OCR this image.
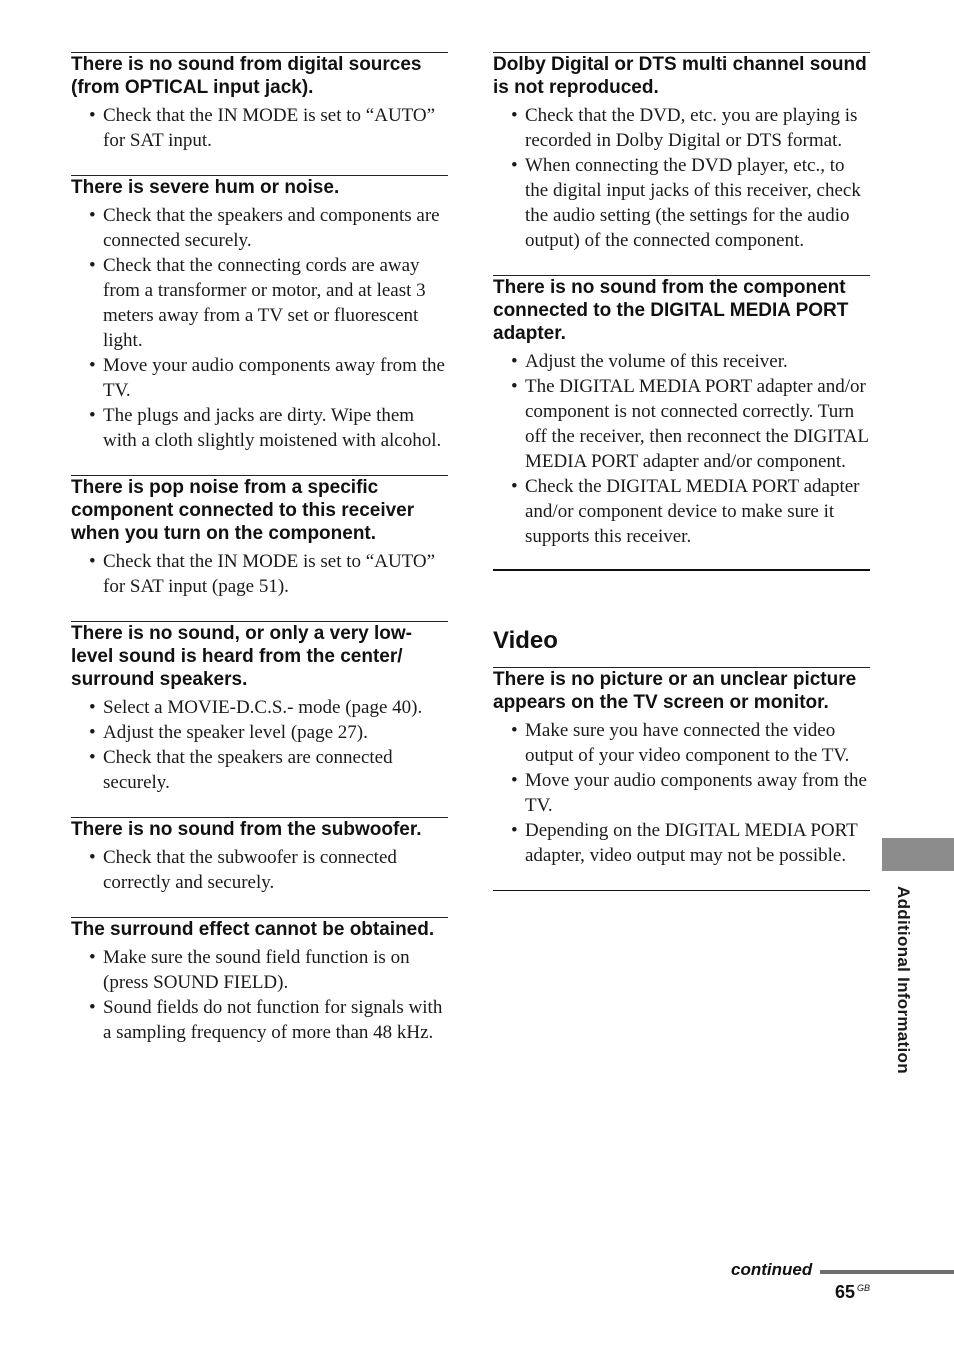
There is no sound from digital sources (from OPTICAL input jack).
• Check that the IN MODE is set to “AUTO” for SAT input.
There is severe hum or noise.
• Check that the speakers and components are connected securely.
• Check that the connecting cords are away from a transformer or motor, and at least 3 meters away from a TV set or fluorescent light.
• Move your audio components away from the TV.
• The plugs and jacks are dirty. Wipe them with a cloth slightly moistened with alcohol.
There is pop noise from a specific component connected to this receiver when you turn on the component.
• Check that the IN MODE is set to “AUTO” for SAT input (page 51).
There is no sound, or only a very low-level sound is heard from the center/ surround speakers.
• Select a MOVIE-D.C.S.- mode (page 40).
• Adjust the speaker level (page 27).
• Check that the speakers are connected securely.
There is no sound from the subwoofer.
• Check that the subwoofer is connected correctly and securely.
The surround effect cannot be obtained.
• Make sure the sound field function is on (press SOUND FIELD).
• Sound fields do not function for signals with a sampling frequency of more than 48 kHz.
Dolby Digital or DTS multi channel sound is not reproduced.
• Check that the DVD, etc. you are playing is recorded in Dolby Digital or DTS format.
• When connecting the DVD player, etc., to the digital input jacks of this receiver, check the audio setting (the settings for the audio output) of the connected component.
There is no sound from the component connected to the DIGITAL MEDIA PORT adapter.
• Adjust the volume of this receiver.
• The DIGITAL MEDIA PORT adapter and/or component is not connected correctly. Turn off the receiver, then reconnect the DIGITAL MEDIA PORT adapter and/or component.
• Check the DIGITAL MEDIA PORT adapter and/or component device to make sure it supports this receiver.
Video
There is no picture or an unclear picture appears on the TV screen or monitor.
• Make sure you have connected the video output of your video component to the TV.
• Move your audio components away from the TV.
• Depending on the DIGITAL MEDIA PORT adapter, video output may not be possible.
Additional Information
continued
65 $^{GB}$
